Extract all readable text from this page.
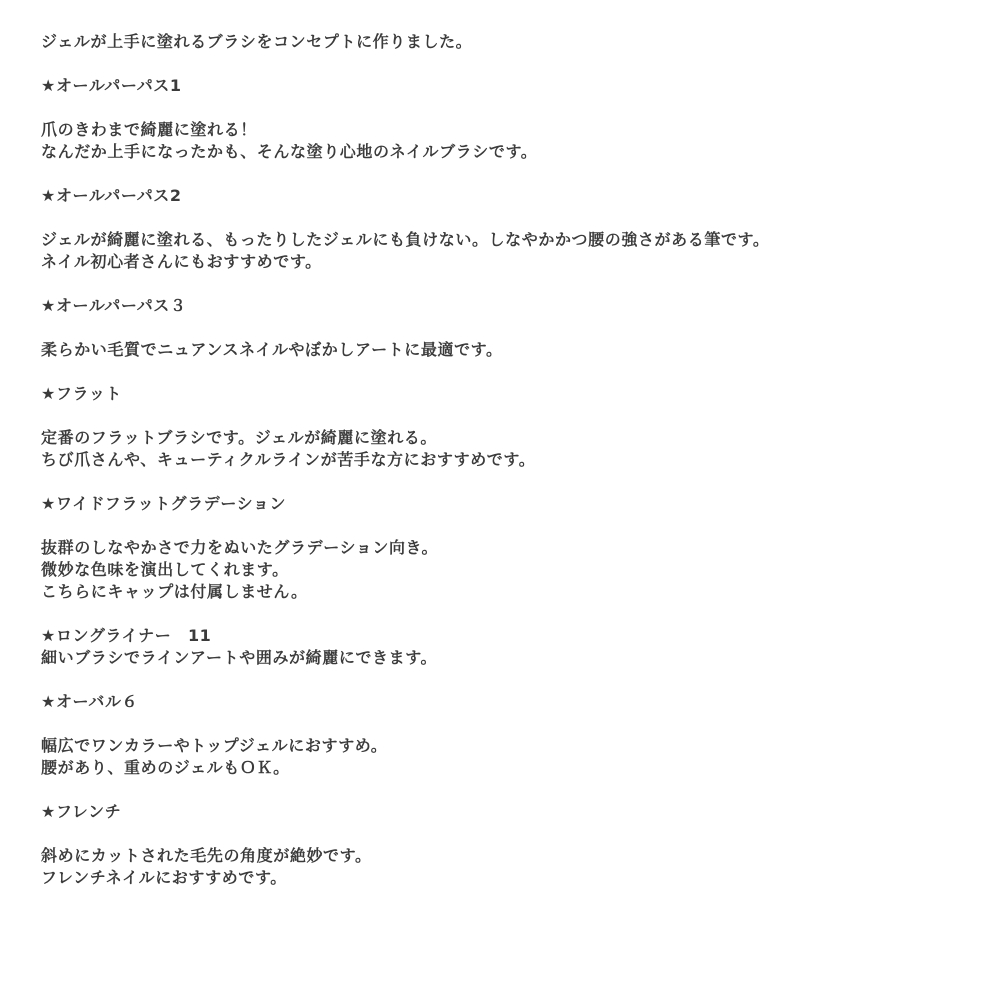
ジェルが上手に塗れるブラシをコンセプトに作りました。
★オールパーパス1
爪のきわまで綺麗に塗れる！
なんだか上手になったかも、そんな塗り心地のネイルブラシです。
★オールパーパス2
ジェルが綺麗に塗れる、もったりしたジェルにも負けない。しなやかかつ腰の強さがある筆です。
ネイル初心者さんにもおすすめです。
★オールパーパス３
柔らかい毛質でニュアンスネイルやぼかしアートに最適です。
★フラット
定番のフラットブラシです。ジェルが綺麗に塗れる。
ちび爪さんや、キューティクルラインが苦手な方におすすめです。
★ワイドフラットグラデーション
抜群のしなやかさで力をぬいたグラデーション向き。
微妙な色味を演出してくれます。
こちらにキャップは付属しません。
★ロングライナー　11
細いブラシでラインアートや囲みが綺麗にできます。
★オーバル６
幅広でワンカラーやトップジェルにおすすめ。
腰があり、重めのジェルもＯＫ。
★フレンチ
斜めにカットされた毛先の角度が絶妙です。
フレンチネイルにおすすめです。
